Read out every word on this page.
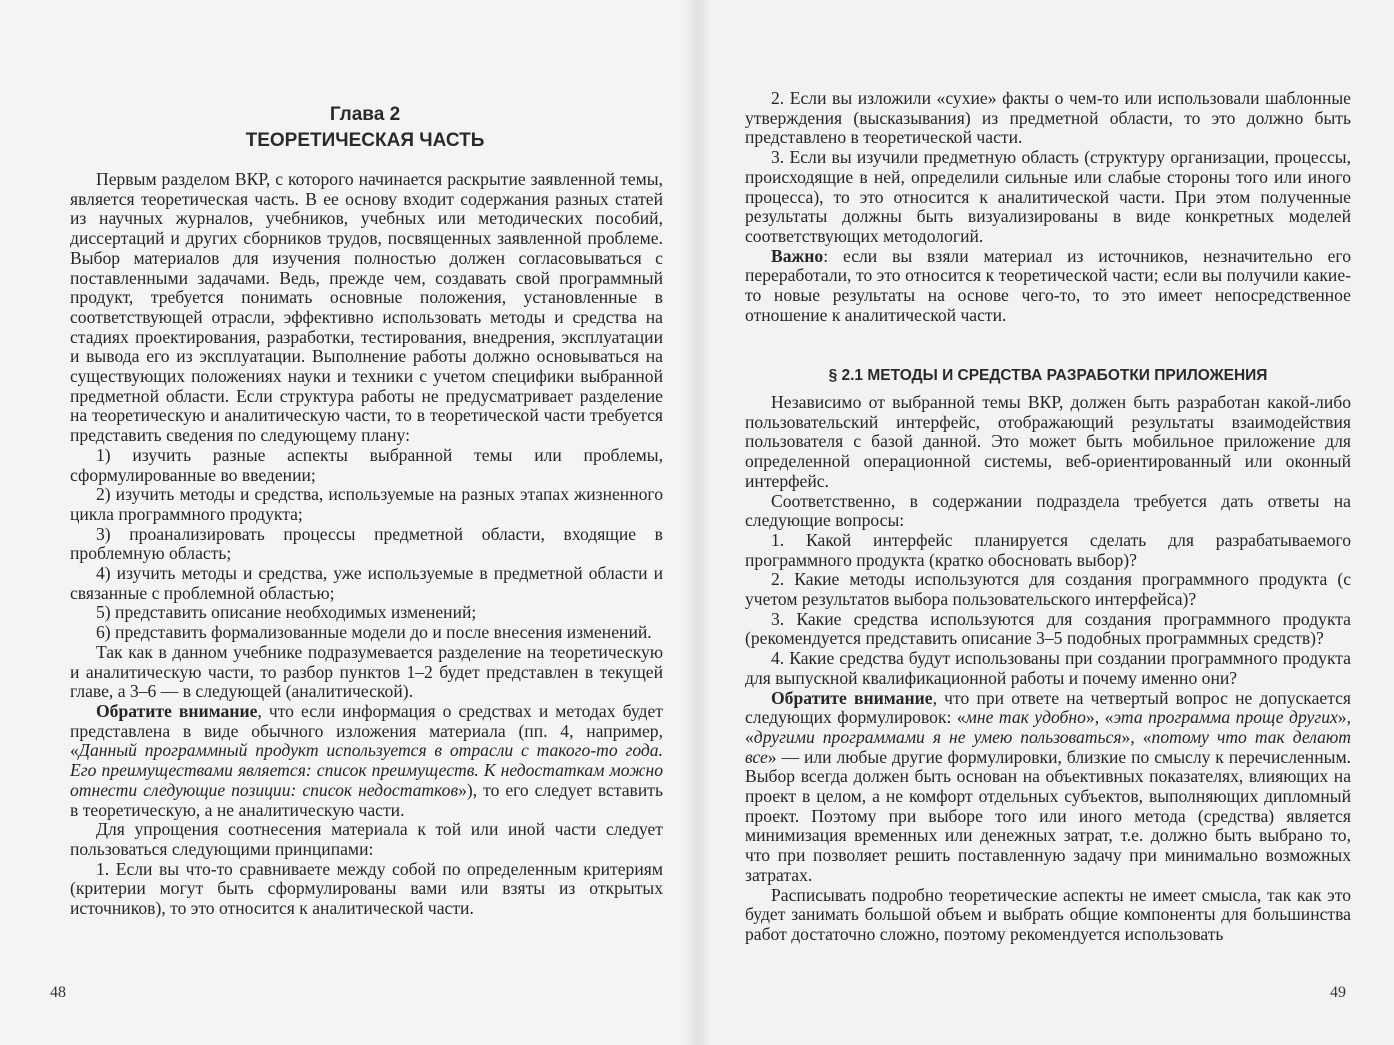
Глава 2
ТЕОРЕТИЧЕСКАЯ ЧАСТЬ

Первым разделом ВКР, с которого начинается раскрытие заявленной темы, является теоретическая часть. В ее основу входит содержания разных статей из научных журналов, учебников, учебных или методических пособий, диссертаций и других сборников трудов, посвященных заявленной проблеме. Выбор материалов для изучения полностью должен согласовываться с поставленными задачами. Ведь, прежде чем, создавать свой программный продукт, требуется понимать основные положения, установленные в соответствующей отрасли, эффективно использовать методы и средства на стадиях проектирования, разработки, тестирования, внедрения, эксплуатации и вывода его из эксплуатации. Выполнение работы должно основываться на существующих положениях науки и техники с учетом специфики выбранной предметной области. Если структура работы не предусматривает разделение на теоретическую и аналитическую части, то в теоретической части требуется представить сведения по следующему плану:

1) изучить разные аспекты выбранной темы или проблемы, сформулированные во введении;

2) изучить методы и средства, используемые на разных этапах жизненного цикла программного продукта;

3) проанализировать процессы предметной области, входящие в проблемную область;

4) изучить методы и средства, уже используемые в предметной области и связанные с проблемной областью;

5) представить описание необходимых изменений;

6) представить формализованные модели до и после внесения изменений.

Так как в данном учебнике подразумевается разделение на теоретическую и аналитическую части, то разбор пунктов 1–2 будет представлен в текущей главе, а 3–6 — в следующей (аналитической).

Обратите внимание, что если информация о средствах и методах будет представлена в виде обычного изложения материала (пп. 4, например, «Данный программный продукт используется в отрасли с такого-то года. Его преимуществами является: список преимуществ. К недостаткам можно отнести следующие позиции: список недостатков»), то его следует вставить в теоретическую, а не аналитическую части.

Для упрощения соотнесения материала к той или иной части следует пользоваться следующими принципами:

1. Если вы что-то сравниваете между собой по определенным критериям (критерии могут быть сформулированы вами или взяты из открытых источников), то это относится к аналитической части.

48

2. Если вы изложили «сухие» факты о чем-то или использовали шаблонные утверждения (высказывания) из предметной области, то это должно быть представлено в теоретической части.

3. Если вы изучили предметную область (структуру организации, процессы, происходящие в ней, определили сильные или слабые стороны того или иного процесса), то это относится к аналитической части. При этом полученные результаты должны быть визуализированы в виде конкретных моделей соответствующих методологий.

Важно: если вы взяли материал из источников, незначительно его переработали, то это относится к теоретической части; если вы получили какие-то новые результаты на основе чего-то, то это имеет непосредственное отношение к аналитической части.

§ 2.1 МЕТОДЫ И СРЕДСТВА РАЗРАБОТКИ ПРИЛОЖЕНИЯ

Независимо от выбранной темы ВКР, должен быть разработан какой-либо пользовательский интерфейс, отображающий результаты взаимодействия пользователя с базой данной. Это может быть мобильное приложение для определенной операционной системы, веб-ориентированный или оконный интерфейс.

Соответственно, в содержании подраздела требуется дать ответы на следующие вопросы:

1. Какой интерфейс планируется сделать для разрабатываемого программного продукта (кратко обосновать выбор)?

2. Какие методы используются для создания программного продукта (с учетом результатов выбора пользовательского интерфейса)?

3. Какие средства используются для создания программного продукта (рекомендуется представить описание 3–5 подобных программных средств)?

4. Какие средства будут использованы при создании программного продукта для выпускной квалификационной работы и почему именно они?

Обратите внимание, что при ответе на четвертый вопрос не допускается следующих формулировок: «мне так удобно», «эта программа проще других», «другими программами я не умею пользоваться», «потому что так делают все» — или любые другие формулировки, близкие по смыслу к перечисленным. Выбор всегда должен быть основан на объективных показателях, влияющих на проект в целом, а не комфорт отдельных субъектов, выполняющих дипломный проект. Поэтому при выборе того или иного метода (средства) является минимизация временных или денежных затрат, т.е. должно быть выбрано то, что при позволяет решить поставленную задачу при минимально возможных затратах.

Расписывать подробно теоретические аспекты не имеет смысла, так как это будет занимать большой объем и выбрать общие компоненты для большинства работ достаточно сложно, поэтому рекомендуется использовать

49
